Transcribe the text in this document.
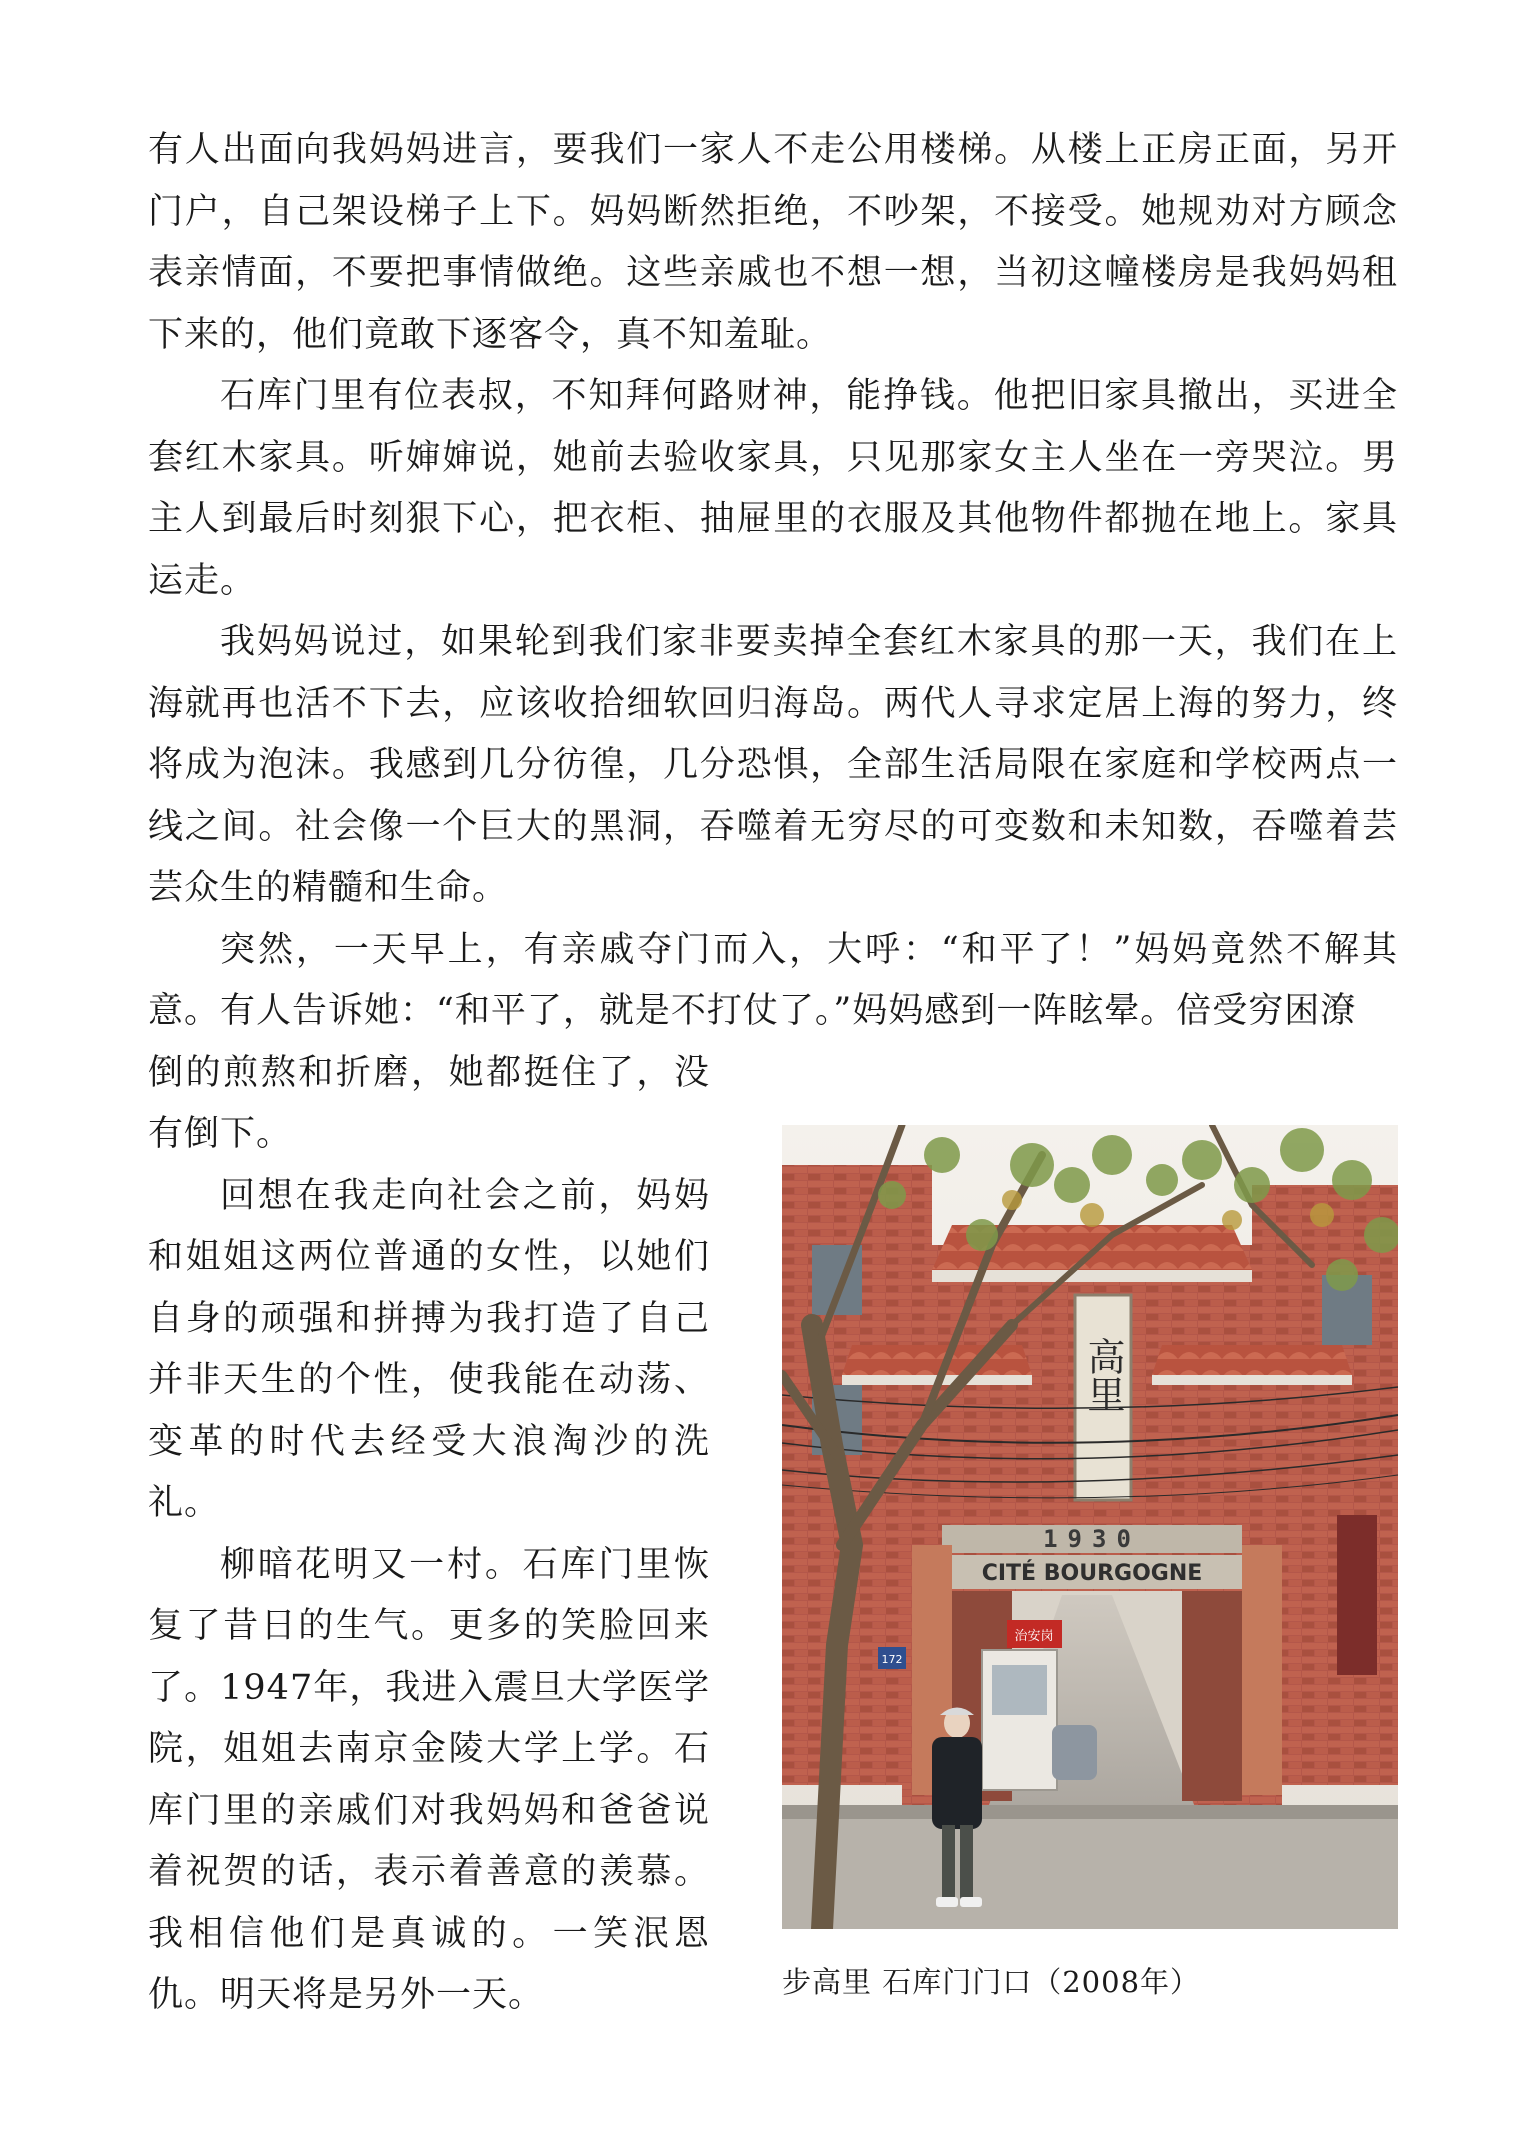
有人出面向我妈妈进言，要我们一家人不走公用楼梯。从楼上正房正面，另开门户，自己架设梯子上下。妈妈断然拒绝，不吵架，不接受。她规劝对方顾念表亲情面，不要把事情做绝。这些亲戚也不想一想，当初这幢楼房是我妈妈租下来的，他们竟敢下逐客令，真不知羞耻。

石库门里有位表叔，不知拜何路财神，能挣钱。他把旧家具撤出，买进全套红木家具。听婶婶说，她前去验收家具，只见那家女主人坐在一旁哭泣。男主人到最后时刻狠下心，把衣柜、抽屉里的衣服及其他物件都抛在地上。家具运走。

我妈妈说过，如果轮到我们家非要卖掉全套红木家具的那一天，我们在上海就再也活不下去，应该收拾细软回归海岛。两代人寻求定居上海的努力，终将成为泡沫。我感到几分彷徨，几分恐惧，全部生活局限在家庭和学校两点一线之间。社会像一个巨大的黑洞，吞噬着无穷尽的可变数和未知数，吞噬着芸芸众生的精髓和生命。

突然，一天早上，有亲戚夺门而入，大呼：“和平了！”妈妈竟然不解其意。有人告诉她：“和平了，就是不打仗了。”妈妈感到一阵眩晕。倍受穷困潦

倒的煎熬和折磨，她都挺住了，没有倒下。

回想在我走向社会之前，妈妈和姐姐这两位普通的女性，以她们自身的顽强和拼搏为我打造了自己并非天生的个性，使我能在动荡、变革的时代去经受大浪淘沙的洗礼。

柳暗花明又一村。石库门里恢复了昔日的生气。更多的笑脸回来了。1947年，我进入震旦大学医学院，姐姐去南京金陵大学上学。石库门里的亲戚们对我妈妈和爸爸说着祝贺的话，表示着善意的羡慕。我相信他们是真诚的。一笑泯恩仇。明天将是另外一天。

高里
1930
CITÉ BOURGOGNE
治安岗
172
步高里 石库门门口（2008年）
